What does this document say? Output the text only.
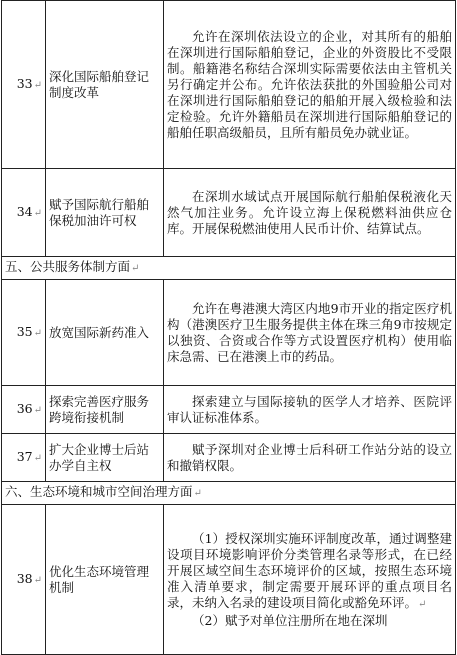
33↵	深化国际船舶登记制度改革	允许在深圳依法设立的企业，对其所有的船舶在深圳进行国际船舶登记，企业的外资股比不受限制。船籍港名称结合深圳实际需要依法由主管机关另行确定并公布。允许依法获批的外国验船公司对在深圳进行国际船舶登记的船舶开展入级检验和法定检验。允许外籍船员在深圳进行国际船舶登记的船舶任职高级船员，且所有船员免办就业证。

34↵	赋予国际航行船舶保税加油许可权	在深圳水域试点开展国际航行船舶保税液化天然气加注业务。允许设立海上保税燃料油供应仓库。开展保税燃油使用人民币计价、结算试点。

五、公共服务体制方面↵		
35↵	放宽国际新药准入	允许在粤港澳大湾区内地9市开业的指定医疗机构（港澳医疗卫生服务提供主体在珠三角9市按规定以独资、合资或合作等方式设置医疗机构）使用临床急需、已在港澳上市的药品。

36↵	探索完善医疗服务跨境衔接机制	探索建立与国际接轨的医学人才培养、医院评审认证标准体系。

37↵	扩大企业博士后站办学自主权	赋予深圳对企业博士后科研工作站分站的设立和撤销权限。

六、生态环境和城市空间治理方面↵		
38↵	优化生态环境管理机制	（1）授权深圳实施环评制度改革，通过调整建设项目环境影响评价分类管理名录等形式，在已经开展区域空间生态环境评价的区域，按照生态环境准入清单要求，制定需要开展环评的重点项目名录，未纳入名录的建设项目简化或豁免环评。↵
（2）赋予对单位注册所在地在深圳
